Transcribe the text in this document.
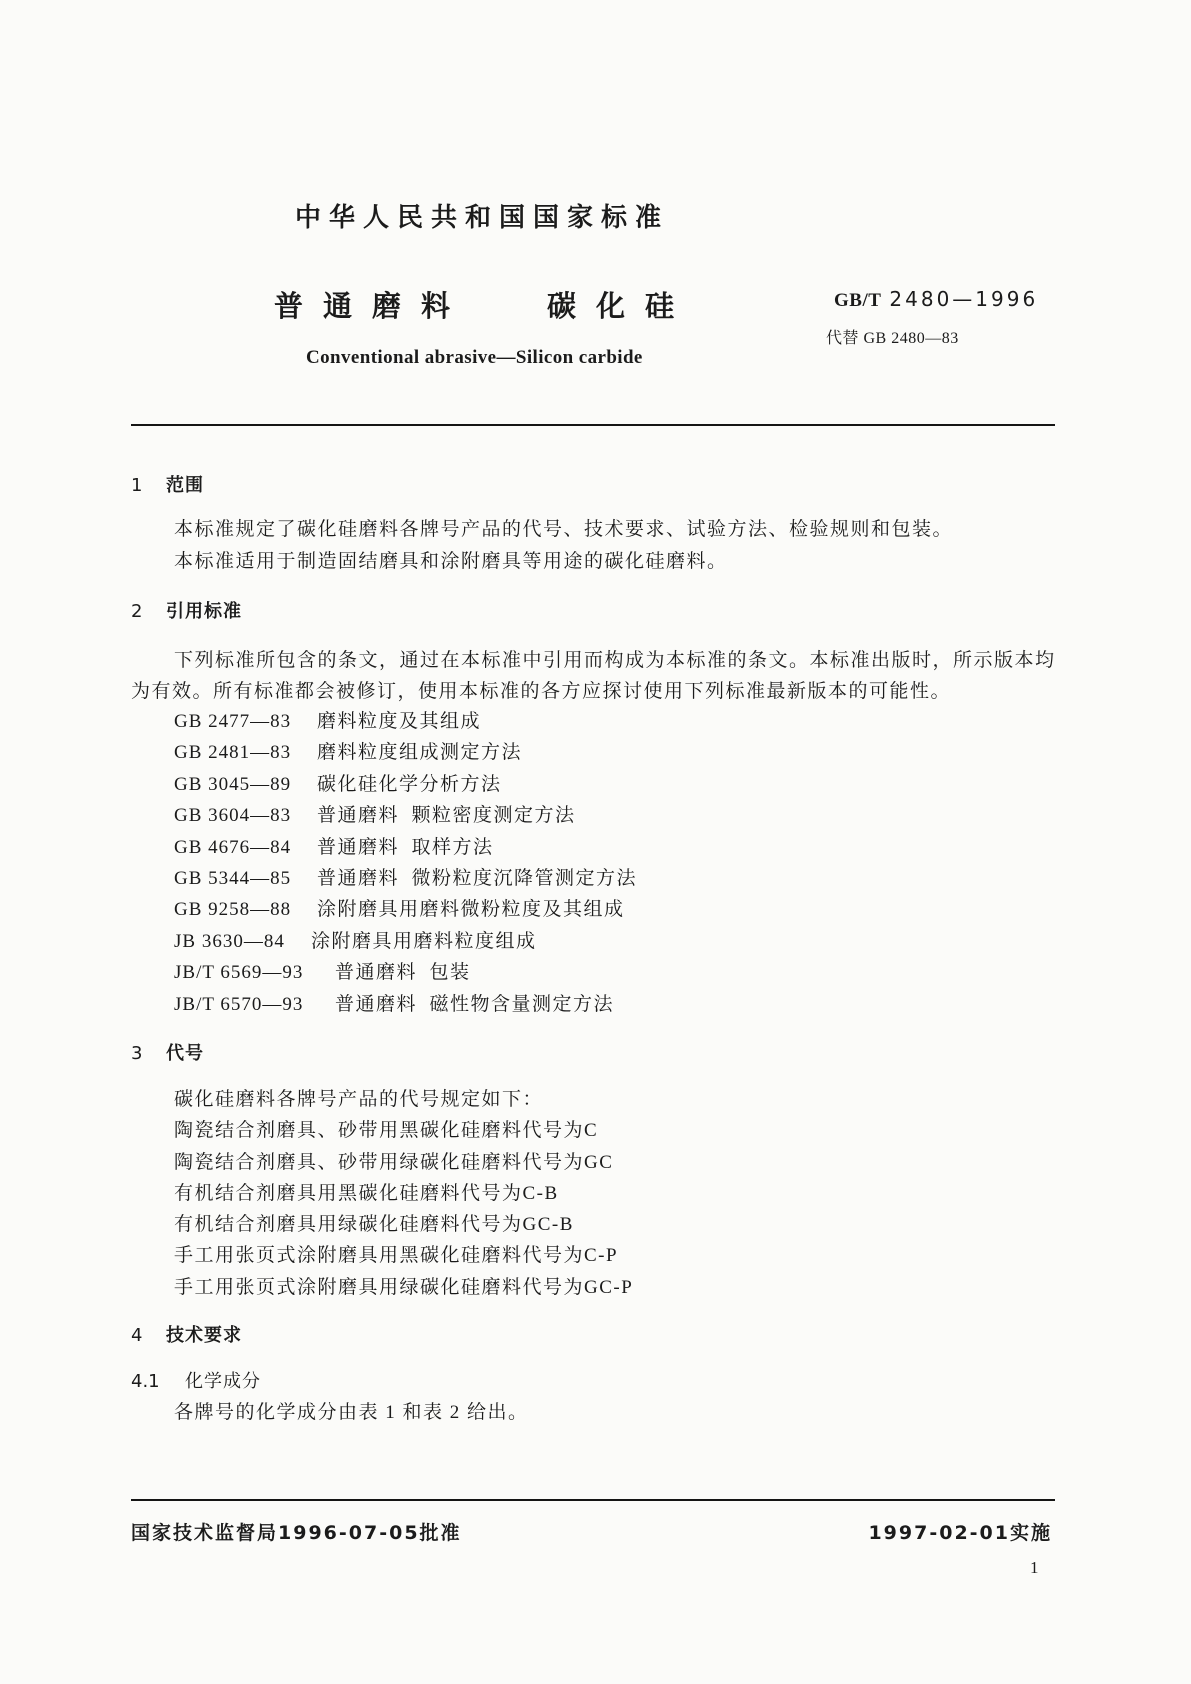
中华人民共和国国家标准

GB/T 2480—1996

普通磨料	碳化硅
代替 GB 2480—83
Conventional abrasive—Silicon carbide
1	范围
本标准规定了碳化硅磨料各牌号产品的代号、技术要求、试验方法、检验规则和包装。
本标准适用于制造固结磨具和涂附磨具等用途的碳化硅磨料。
2	引用标准
下列标准所包含的条文，通过在本标准中引用而构成为本标准的条文。本标准出版时，所示版本均
为有效。所有标准都会被修订，使用本标准的各方应探讨使用下列标准最新版本的可能性。
GB 2477—83	磨料粒度及其组成
GB 2481—83	磨料粒度组成测定方法
GB 3045—89	碳化硅化学分析方法
GB 3604—83	普通磨料  颗粒密度测定方法
GB 4676—84	普通磨料  取样方法
GB 5344—85	普通磨料  微粉粒度沉降管测定方法
GB 9258—88	涂附磨具用磨料微粉粒度及其组成
JB 3630—84	涂附磨具用磨料粒度组成
JB/T 6569—93	普通磨料  包装
JB/T 6570—93	普通磨料  磁性物含量测定方法
3	代号
碳化硅磨料各牌号产品的代号规定如下：
陶瓷结合剂磨具、砂带用黑碳化硅磨料代号为C
陶瓷结合剂磨具、砂带用绿碳化硅磨料代号为GC
有机结合剂磨具用黑碳化硅磨料代号为C-B
有机结合剂磨具用绿碳化硅磨料代号为GC-B
手工用张页式涂附磨具用黑碳化硅磨料代号为C-P
手工用张页式涂附磨具用绿碳化硅磨料代号为GC-P
4	技术要求
4.1	化学成分
各牌号的化学成分由表 1 和表 2 给出。
国家技术监督局1996-07-05批准	1997-02-01实施
1
